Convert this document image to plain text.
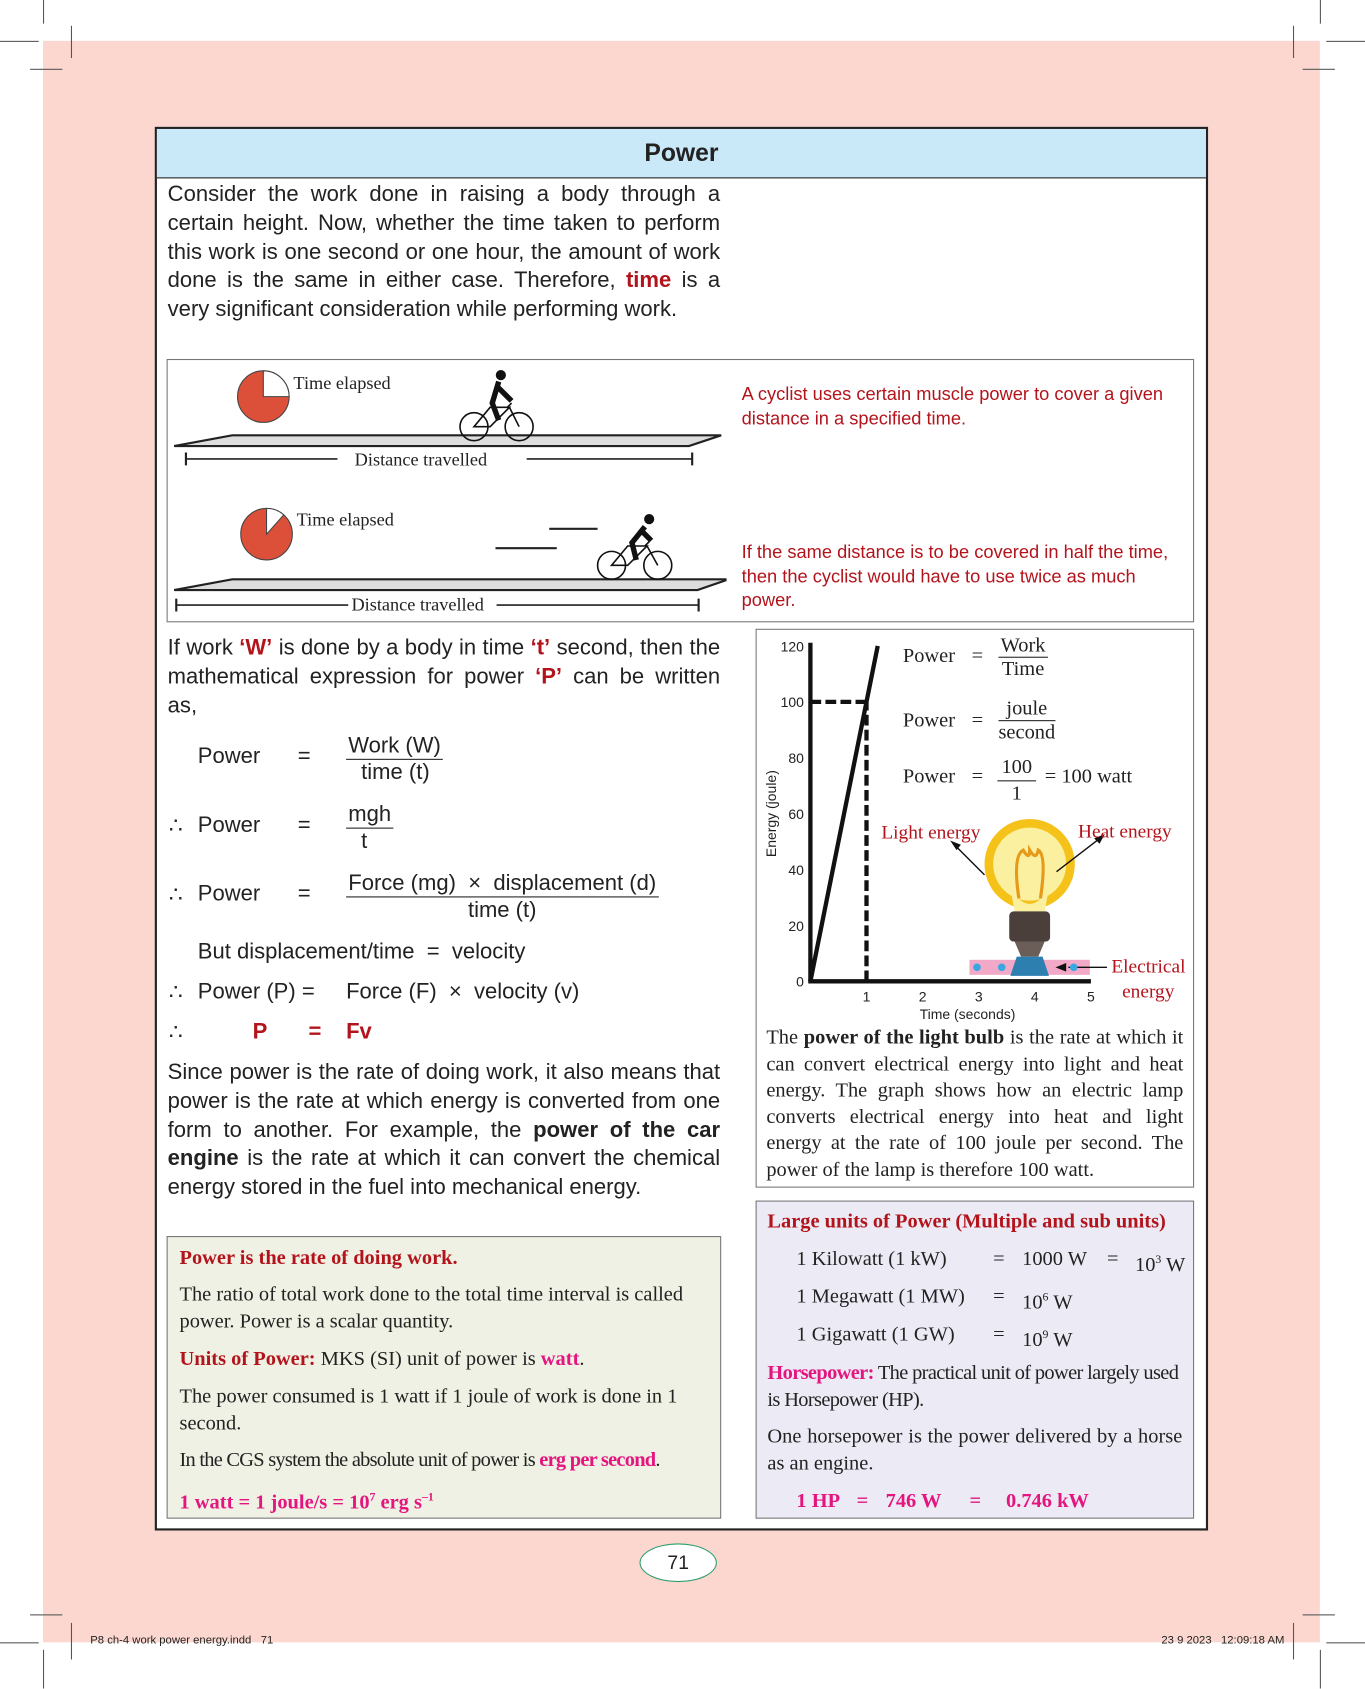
Power
Consider the work done in raising a body through a certain height. Now, whether the time taken to perform this work is one second or one hour, the amount of work done is the same in either case. Therefore, time is a very significant consideration while performing work.
Time elapsed
Distance travelled
Time elapsed
Distance travelled
A cyclist uses certain muscle power to cover a given distance in a specified time.
If the same distance is to be covered in half the time, then the cyclist would have to use twice as much power.
If work ‘W’ is done by a body in time ‘t’ second, then the mathematical expression for power ‘P’ can be written as,
Power = Work (W)
time (t)
∴ Power = mgh
t
∴ Power = Force (mg)  ×  displacement (d)
time (t)
But displacement/time  =  velocity
∴ Power (P) = Force (F)  ×  velocity (v)
∴	P = Fv
Since power is the rate of doing work, it also means that power is the rate at which energy is converted from one form to another. For example, the power of the car engine is the rate at which it can convert the chemical energy stored in the fuel into mechanical energy.
0
20
40
60
80
100
120
1	2	3	4	5
Time (seconds)
Energy (joule)
Power = Work
Time
Power =
joule
second
Power = $\frac{100}{1} = 100$ watt
Light energy	Heat energy
Electrical
energy
The power of the light bulb is the rate at which it can convert electrical energy into light and heat energy. The graph shows how an electric lamp converts electrical energy into heat and light energy at the rate of 100 joule per second. The power of the lamp is therefore 100 watt.
Power is the rate of doing work.
The ratio of total work done to the total time interval is called power. Power is a scalar quantity.
Units of Power: MKS (SI) unit of power is watt.
The power consumed is 1 watt if 1 joule of work is done in 1 second.
In the CGS system the absolute unit of power is erg per second.
1 watt = 1 joule/s = $10^7$ erg $s^{-1}$
Large units of Power (Multiple and sub units)
1 Kilowatt (1 kW) = 1000 $W = 10^3$ W
1 Megawatt (1 $MW) = 10^6$ W
1 Gigawatt (1 $GW) = 10^9$ W
Horsepower: The practical unit of power largely used is Horsepower (HP).
One horsepower is the power delivered by a horse as an engine.
1 HP = 746 W = 0.746 kW
71
P8 ch-4 work power energy.indd   71	23 9 2023   12:09:18 AM
